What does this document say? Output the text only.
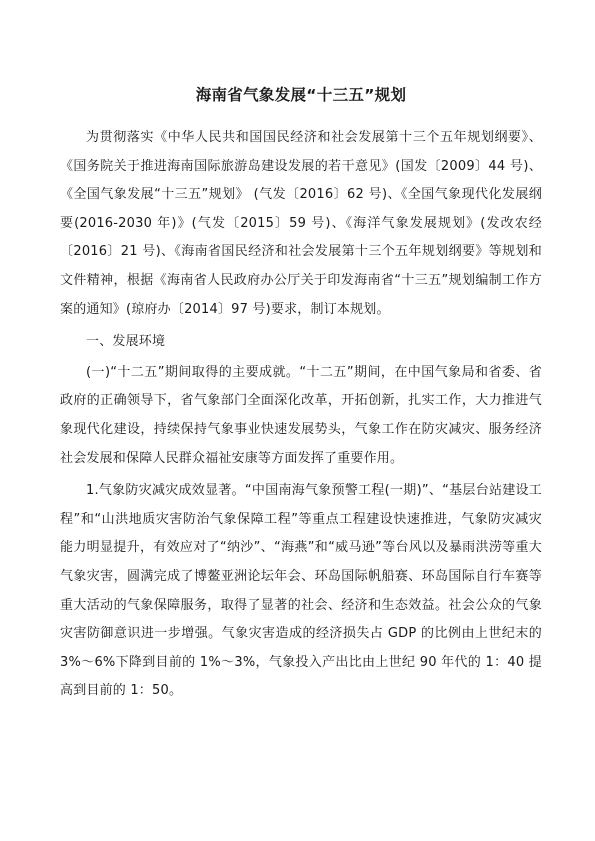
海南省气象发展“十三五”规划

为贯彻落实《中华人民共和国国民经济和社会发展第十三个五年规划纲要》、《国务院关于推进海南国际旅游岛建设发展的若干意见》(国发〔2009〕44 号)、《全国气象发展“十三五”规划》 (气发〔2016〕62 号)、《全国气象现代化发展纲要(2016-2030 年)》(气发〔2015〕59 号)、《海洋气象发展规划》(发改农经〔2016〕21 号)、《海南省国民经济和社会发展第十三个五年规划纲要》等规划和文件精神，根据《海南省人民政府办公厅关于印发海南省“十三五”规划编制工作方案的通知》(琼府办〔2014〕97 号)要求，制订本规划。

一、发展环境

(一)“十二五”期间取得的主要成就。“十二五”期间，在中国气象局和省委、省政府的正确领导下，省气象部门全面深化改革，开拓创新，扎实工作，大力推进气象现代化建设，持续保持气象事业快速发展势头，气象工作在防灾减灾、服务经济社会发展和保障人民群众福祉安康等方面发挥了重要作用。

1.气象防灾减灾成效显著。“中国南海气象预警工程(一期)”、“基层台站建设工程”和“山洪地质灾害防治气象保障工程”等重点工程建设快速推进，气象防灾减灾能力明显提升，有效应对了“纳沙”、“海燕”和“威马逊”等台风以及暴雨洪涝等重大气象灾害，圆满完成了博鳌亚洲论坛年会、环岛国际帆船赛、环岛国际自行车赛等重大活动的气象保障服务，取得了显著的社会、经济和生态效益。社会公众的气象灾害防御意识进一步增强。气象灾害造成的经济损失占 GDP 的比例由上世纪末的 3%～6%下降到目前的 1%～3%，气象投入产出比由上世纪 90 年代的 1：40 提高到目前的 1：50。
